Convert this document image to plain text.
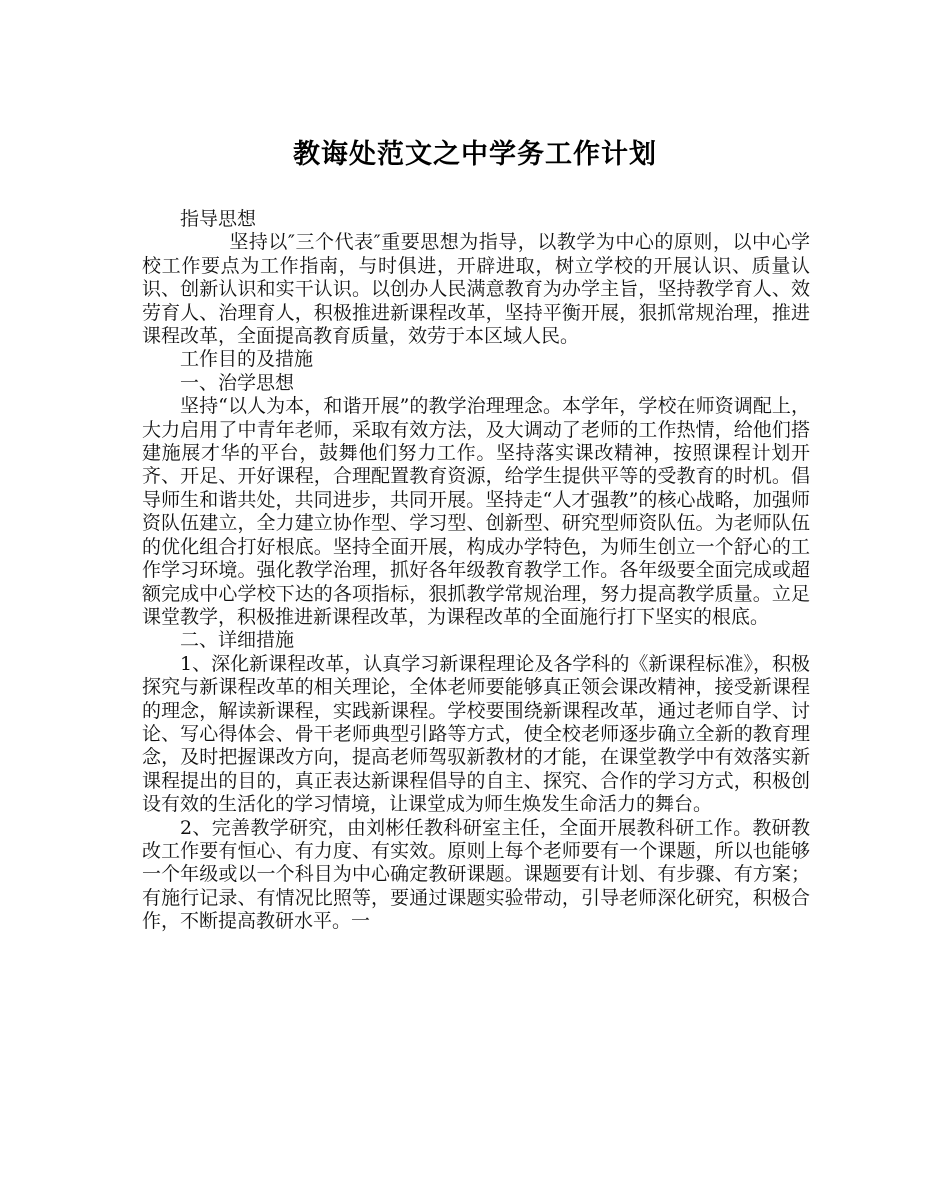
教诲处范文之中学务工作计划

指导思想

坚持以″三个代表″重要思想为指导，以教学为中心的原则，以中心学校工作要点为工作指南，与时俱进，开辟进取，树立学校的开展认识、质量认识、创新认识和实干认识。以创办人民满意教育为办学主旨，坚持教学育人、效劳育人、治理育人，积极推进新课程改革，坚持平衡开展，狠抓常规治理，推进课程改革，全面提高教育质量，效劳于本区域人民。

工作目的及措施

一、治学思想

坚持“以人为本，和谐开展”的教学治理理念。本学年，学校在师资调配上，大力启用了中青年老师，采取有效方法，及大调动了老师的工作热情，给他们搭建施展才华的平台，鼓舞他们努力工作。坚持落实课改精神，按照课程计划开齐、开足、开好课程，合理配置教育资源，给学生提供平等的受教育的时机。倡导师生和谐共处，共同进步，共同开展。坚持走“人才强教”的核心战略，加强师资队伍建立，全力建立协作型、学习型、创新型、研究型师资队伍。为老师队伍的优化组合打好根底。坚持全面开展，构成办学特色，为师生创立一个舒心的工作学习环境。强化教学治理，抓好各年级教育教学工作。各年级要全面完成或超额完成中心学校下达的各项指标，狠抓教学常规治理，努力提高教学质量。立足课堂教学，积极推进新课程改革，为课程改革的全面施行打下坚实的根底。

二、详细措施

1、深化新课程改革，认真学习新课程理论及各学科的《新课程标准》，积极探究与新课程改革的相关理论，全体老师要能够真正领会课改精神，接受新课程的理念，解读新课程，实践新课程。学校要围绕新课程改革，通过老师自学、讨论、写心得体会、骨干老师典型引路等方式，使全校老师逐步确立全新的教育理念，及时把握课改方向，提高老师驾驭新教材的才能，在课堂教学中有效落实新课程提出的目的，真正表达新课程倡导的自主、探究、合作的学习方式，积极创设有效的生活化的学习情境，让课堂成为师生焕发生命活力的舞台。

2、完善教学研究，由刘彬任教科研室主任，全面开展教科研工作。教研教改工作要有恒心、有力度、有实效。原则上每个老师要有一个课题，所以也能够一个年级或以一个科目为中心确定教研课题。课题要有计划、有步骤、有方案；有施行记录、有情况比照等，要通过课题实验带动，引导老师深化研究，积极合作，不断提高教研水平。一
